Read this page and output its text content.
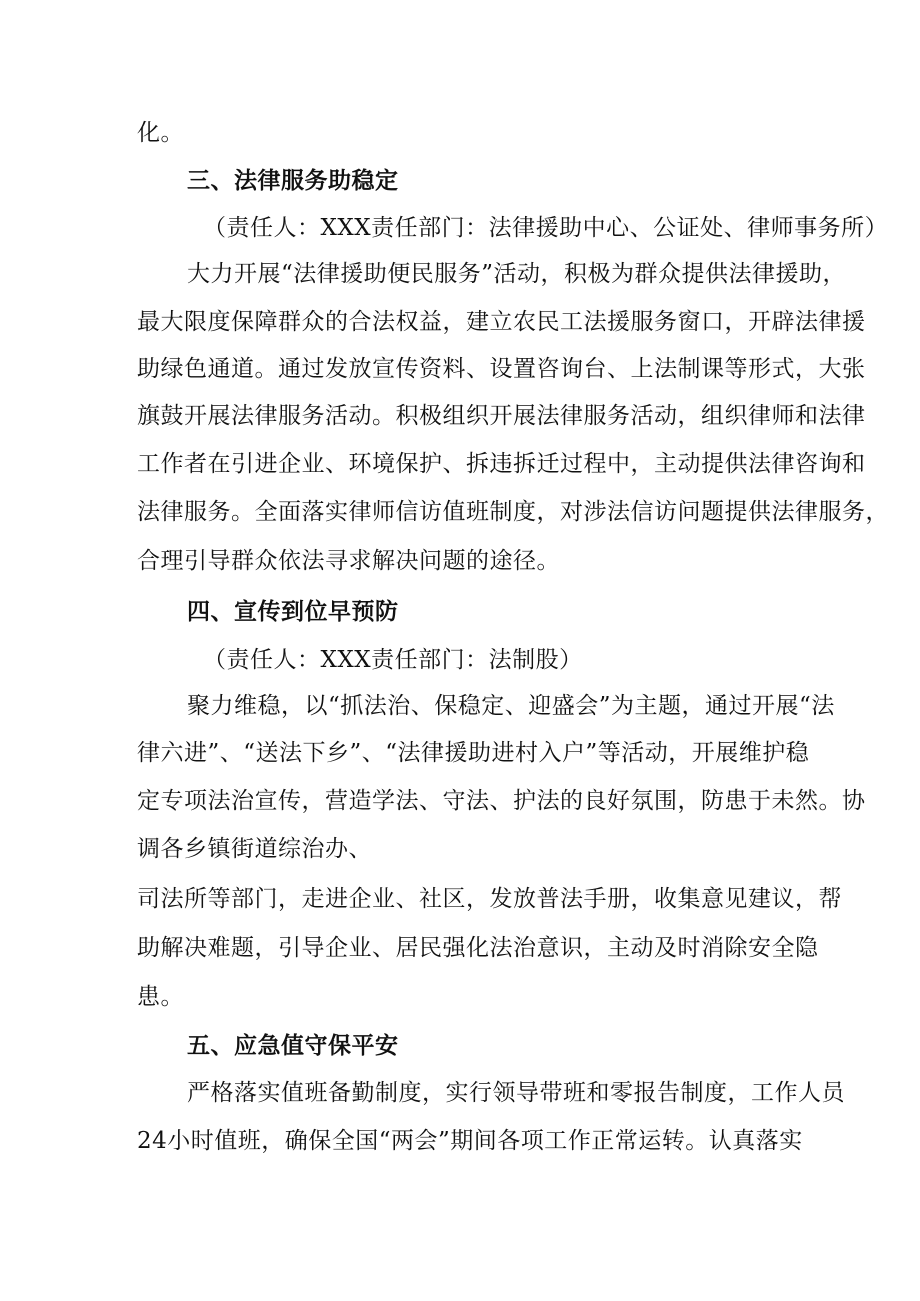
化。
三、法律服务助稳定
（责任人：XXX责任部门：法律援助中心、公证处、律师事务所）
大力开展“法律援助便民服务”活动，积极为群众提供法律援助，
最大限度保障群众的合法权益，建立农民工法援服务窗口，开辟法律援
助绿色通道。通过发放宣传资料、设置咨询台、上法制课等形式，大张
旗鼓开展法律服务活动。积极组织开展法律服务活动，组织律师和法律
工作者在引进企业、环境保护、拆违拆迁过程中，主动提供法律咨询和
法律服务。全面落实律师信访值班制度，对涉法信访问题提供法律服务，
合理引导群众依法寻求解决问题的途径。
四、宣传到位早预防
（责任人：XXX责任部门：法制股）
聚力维稳，以“抓法治、保稳定、迎盛会”为主题，通过开展“法
律六进”、“送法下乡”、“法律援助进村入户”等活动，开展维护稳
定专项法治宣传，营造学法、守法、护法的良好氛围，防患于未然。协
调各乡镇街道综治办、
司法所等部门，走进企业、社区，发放普法手册，收集意见建议，帮
助解决难题，引导企业、居民强化法治意识，主动及时消除安全隐
患。
五、应急值守保平安
严格落实值班备勤制度，实行领导带班和零报告制度，工作人员
24小时值班，确保全国“两会”期间各项工作正常运转。认真落实
